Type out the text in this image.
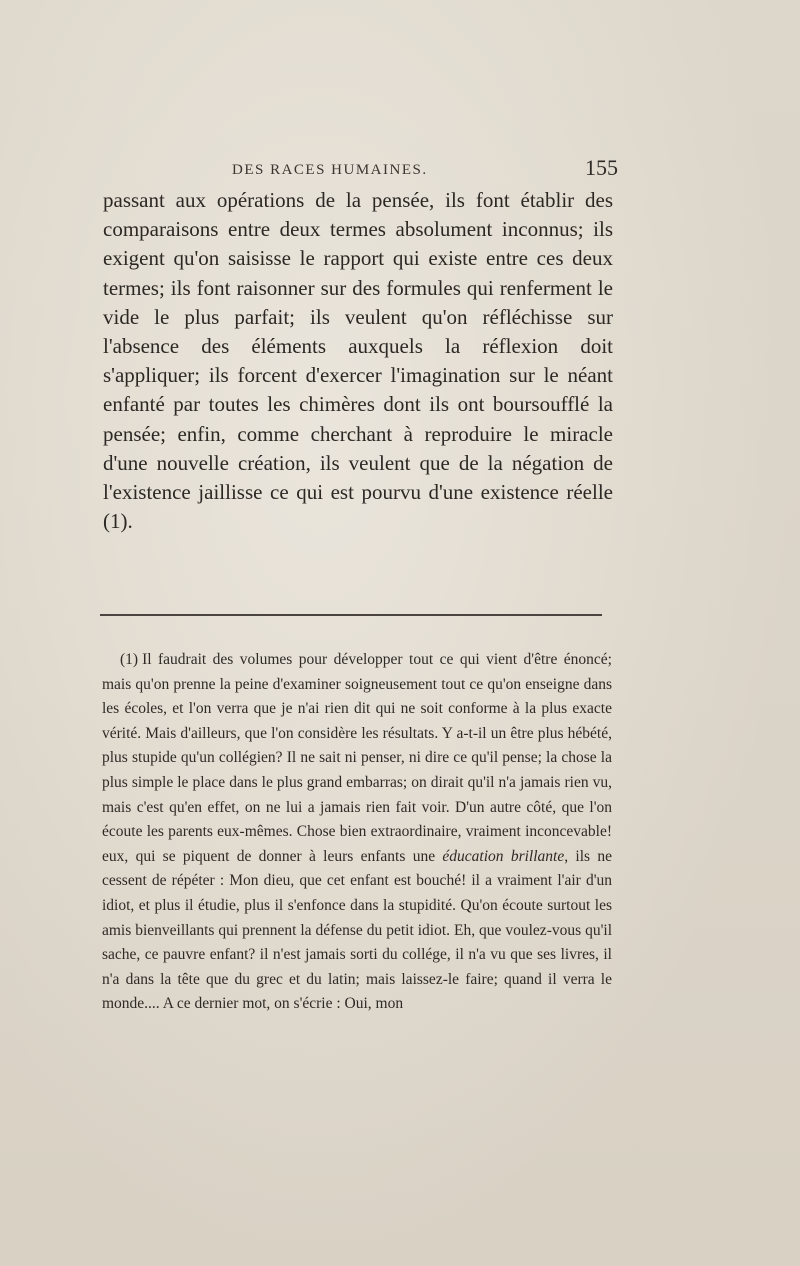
DES RACES HUMAINES.	155

passant aux opérations de la pensée, ils font établir des comparaisons entre deux termes absolument inconnus; ils exigent qu'on saisisse le rapport qui existe entre ces deux termes; ils font raisonner sur des formules qui renferment le vide le plus parfait; ils veulent qu'on réfléchisse sur l'absence des éléments auxquels la réflexion doit s'appliquer; ils forcent d'exercer l'imagination sur le néant enfanté par toutes les chimères dont ils ont boursoufflé la pensée; enfin, comme cherchant à reproduire le miracle d'une nouvelle création, ils veulent que de la négation de l'existence jaillisse ce qui est pourvu d'une existence réelle (1).

(1) Il faudrait des volumes pour développer tout ce qui vient d'être énoncé; mais qu'on prenne la peine d'examiner soigneusement tout ce qu'on enseigne dans les écoles, et l'on verra que je n'ai rien dit qui ne soit conforme à la plus exacte vérité. Mais d'ailleurs, que l'on considère les résultats. Y a-t-il un être plus hébété, plus stupide qu'un collégien? Il ne sait ni penser, ni dire ce qu'il pense; la chose la plus simple le place dans le plus grand embarras; on dirait qu'il n'a jamais rien vu, mais c'est qu'en effet, on ne lui a jamais rien fait voir. D'un autre côté, que l'on écoute les parents eux-mêmes. Chose bien extraordinaire, vraiment inconcevable! eux, qui se piquent de donner à leurs enfants une éducation brillante, ils ne cessent de répéter : Mon dieu, que cet enfant est bouché! il a vraiment l'air d'un idiot, et plus il étudie, plus il s'enfonce dans la stupidité. Qu'on écoute surtout les amis bienveillants qui prennent la défense du petit idiot. Eh, que voulez-vous qu'il sache, ce pauvre enfant? il n'est jamais sorti du collége, il n'a vu que ses livres, il n'a dans la tête que du grec et du latin; mais laissez-le faire; quand il verra le monde.... A ce dernier mot, on s'écrie : Oui, mon
